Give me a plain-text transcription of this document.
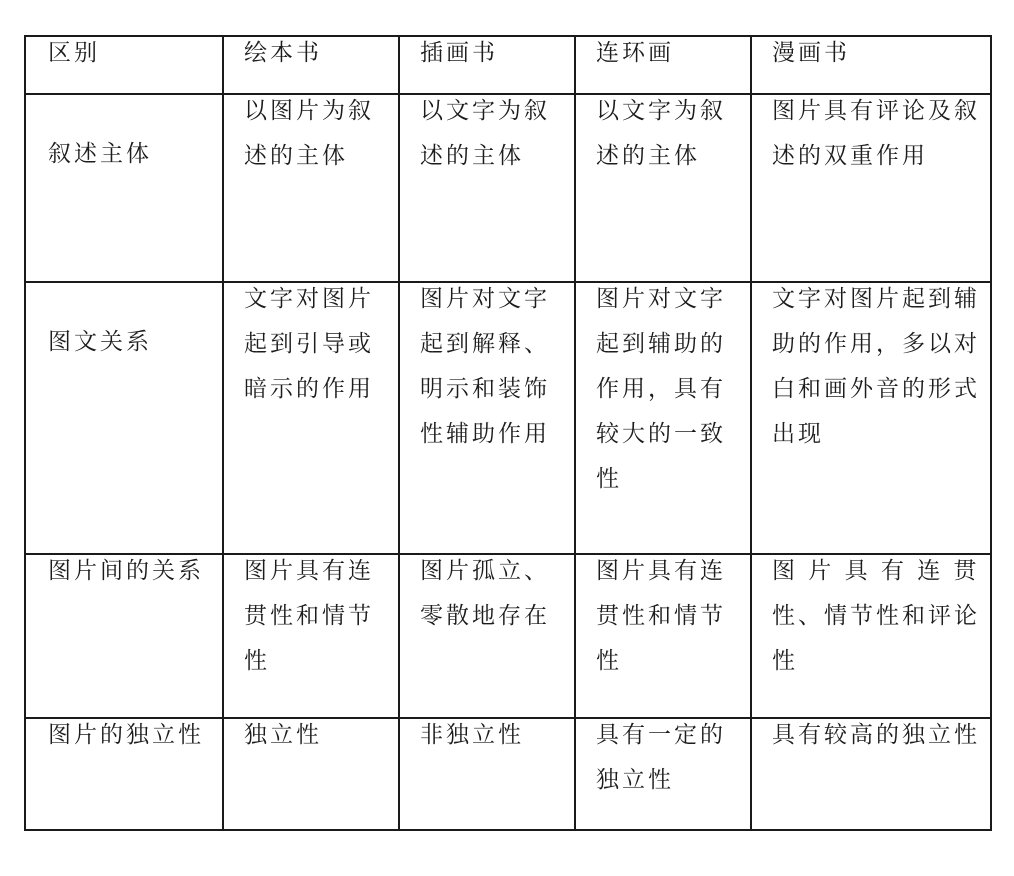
区别	绘本书	插画书	连环画	漫画书

叙述主体	以图片为叙述的主体	以文字为叙述的主体	以文字为叙述的主体	图片具有评论及叙述的双重作用

图文关系	文字对图片起到引导或暗示的作用	图片对文字起到解释、明示和装饰性辅助作用	图片对文字起到辅助的作用，具有较大的一致性	文字对图片起到辅助的作用，多以对白和画外音的形式出现

图片间的关系	图片具有连贯性和情节性	图片孤立、零散地存在	图片具有连贯性和情节性	图 片 具 有 连 贯性、情节性和评论性

图片的独立性	独立性	非独立性	具有一定的独立性	具有较高的独立性
